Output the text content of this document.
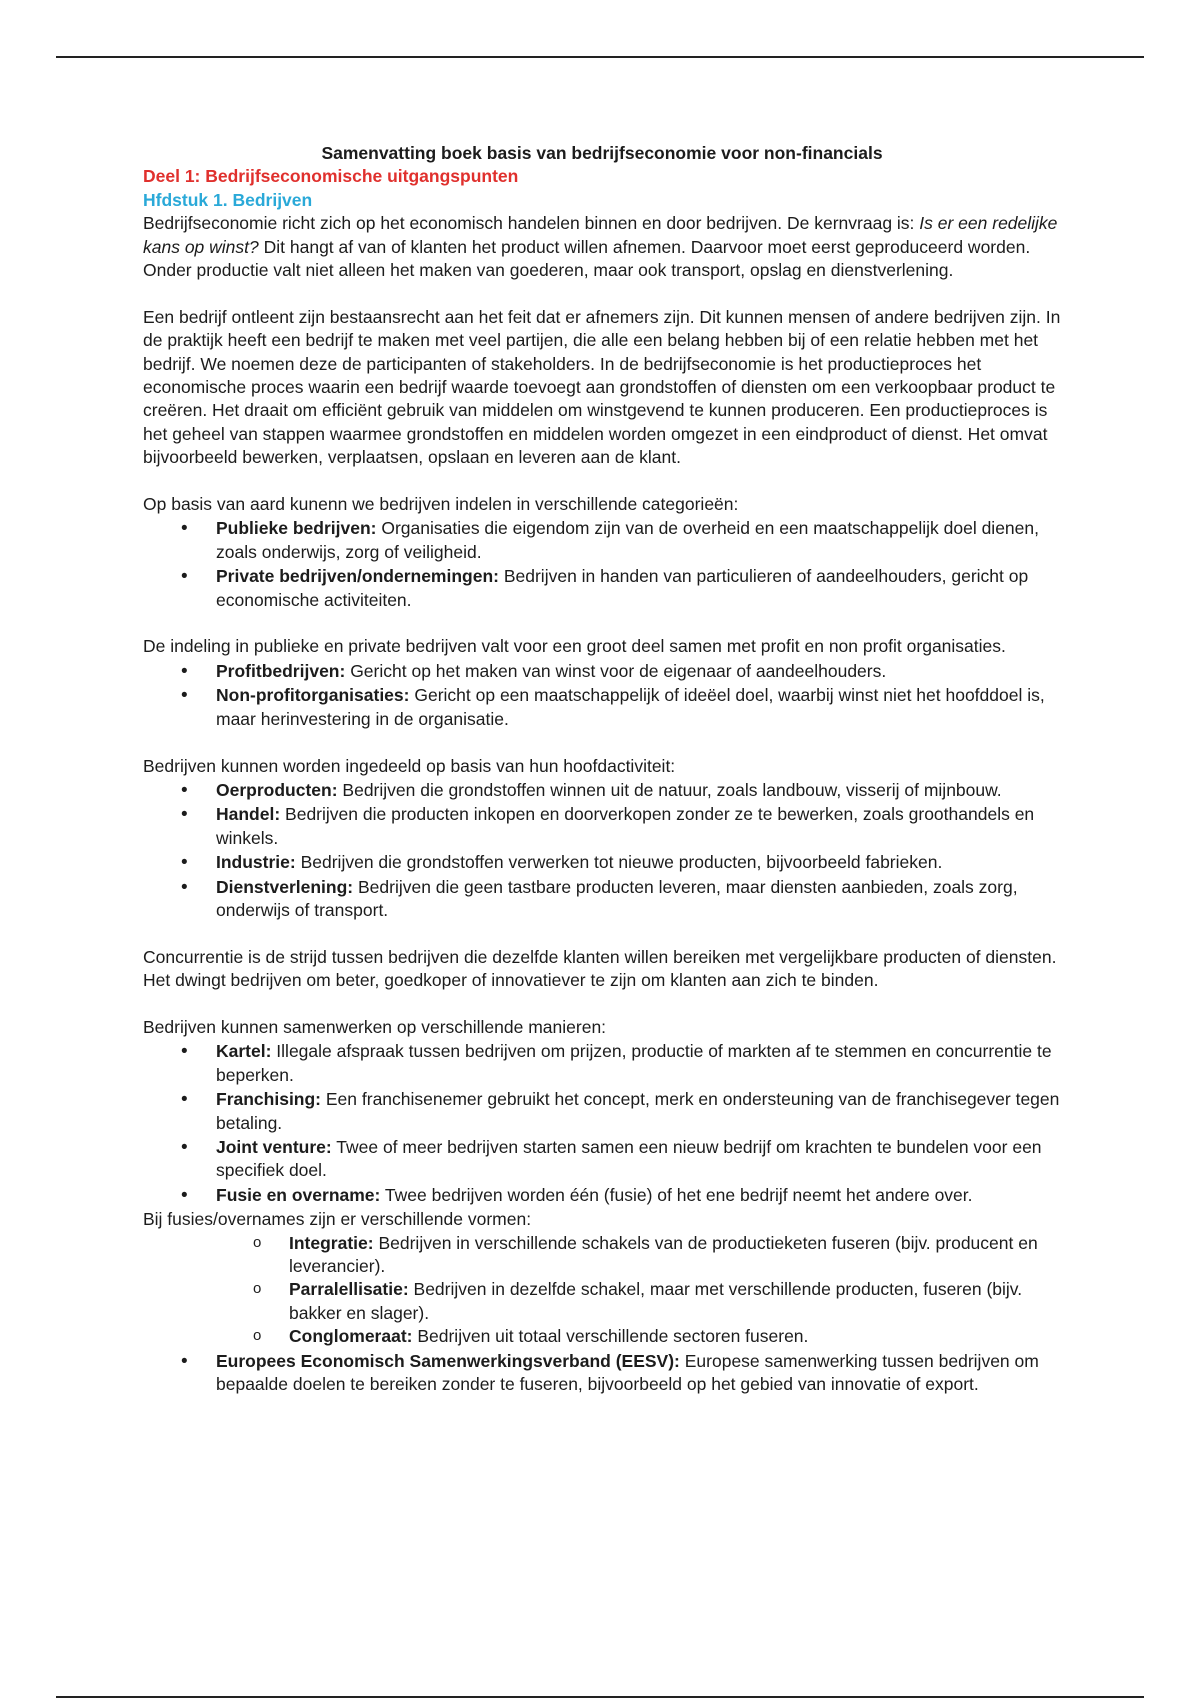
Samenvatting boek basis van bedrijfseconomie voor non-financials

Deel 1: Bedrijfseconomische uitgangspunten

Hfdstuk 1. Bedrijven

Bedrijfseconomie richt zich op het economisch handelen binnen en door bedrijven. De kernvraag is: Is er een redelijke kans op winst? Dit hangt af van of klanten het product willen afnemen. Daarvoor moet eerst geproduceerd worden. Onder productie valt niet alleen het maken van goederen, maar ook transport, opslag en dienstverlening.

Een bedrijf ontleent zijn bestaansrecht aan het feit dat er afnemers zijn. Dit kunnen mensen of andere bedrijven zijn. In de praktijk heeft een bedrijf te maken met veel partijen, die alle een belang hebben bij of een relatie hebben met het bedrijf. We noemen deze de participanten of stakeholders. In de bedrijfseconomie is het productieproces het economische proces waarin een bedrijf waarde toevoegt aan grondstoffen of diensten om een verkoopbaar product te creëren. Het draait om efficiënt gebruik van middelen om winstgevend te kunnen produceren. Een productieproces is het geheel van stappen waarmee grondstoffen en middelen worden omgezet in een eindproduct of dienst. Het omvat bijvoorbeeld bewerken, verplaatsen, opslaan en leveren aan de klant.

Op basis van aard kunenn we bedrijven indelen in verschillende categorieën:

• Publieke bedrijven: Organisaties die eigendom zijn van de overheid en een maatschappelijk doel dienen, zoals onderwijs, zorg of veiligheid.
• Private bedrijven/ondernemingen: Bedrijven in handen van particulieren of aandeelhouders, gericht op economische activiteiten.

De indeling in publieke en private bedrijven valt voor een groot deel samen met profit en non profit organisaties.

• Profitbedrijven: Gericht op het maken van winst voor de eigenaar of aandeelhouders.
• Non-profitorganisaties: Gericht op een maatschappelijk of ideëel doel, waarbij winst niet het hoofddoel is, maar herinvestering in de organisatie.

Bedrijven kunnen worden ingedeeld op basis van hun hoofdactiviteit:

• Oerproducten: Bedrijven die grondstoffen winnen uit de natuur, zoals landbouw, visserij of mijnbouw.
• Handel: Bedrijven die producten inkopen en doorverkopen zonder ze te bewerken, zoals groothandels en winkels.
• Industrie: Bedrijven die grondstoffen verwerken tot nieuwe producten, bijvoorbeeld fabrieken.
• Dienstverlening: Bedrijven die geen tastbare producten leveren, maar diensten aanbieden, zoals zorg, onderwijs of transport.

Concurrentie is de strijd tussen bedrijven die dezelfde klanten willen bereiken met vergelijkbare producten of diensten. Het dwingt bedrijven om beter, goedkoper of innovatiever te zijn om klanten aan zich te binden.

Bedrijven kunnen samenwerken op verschillende manieren:

• Kartel: Illegale afspraak tussen bedrijven om prijzen, productie of markten af te stemmen en concurrentie te beperken.
• Franchising: Een franchisenemer gebruikt het concept, merk en ondersteuning van de franchisegever tegen betaling.
• Joint venture: Twee of meer bedrijven starten samen een nieuw bedrijf om krachten te bundelen voor een specifiek doel.
• Fusie en overname: Twee bedrijven worden één (fusie) of het ene bedrijf neemt het andere over.

Bij fusies/overnames zijn er verschillende vormen:

o Integratie: Bedrijven in verschillende schakels van de productieketen fuseren (bijv. producent en leverancier).
o Parralellisatie: Bedrijven in dezelfde schakel, maar met verschillende producten, fuseren (bijv. bakker en slager).
o Conglomeraat: Bedrijven uit totaal verschillende sectoren fuseren.
• Europees Economisch Samenwerkingsverband (EESV): Europese samenwerking tussen bedrijven om bepaalde doelen te bereiken zonder te fuseren, bijvoorbeeld op het gebied van innovatie of export.
